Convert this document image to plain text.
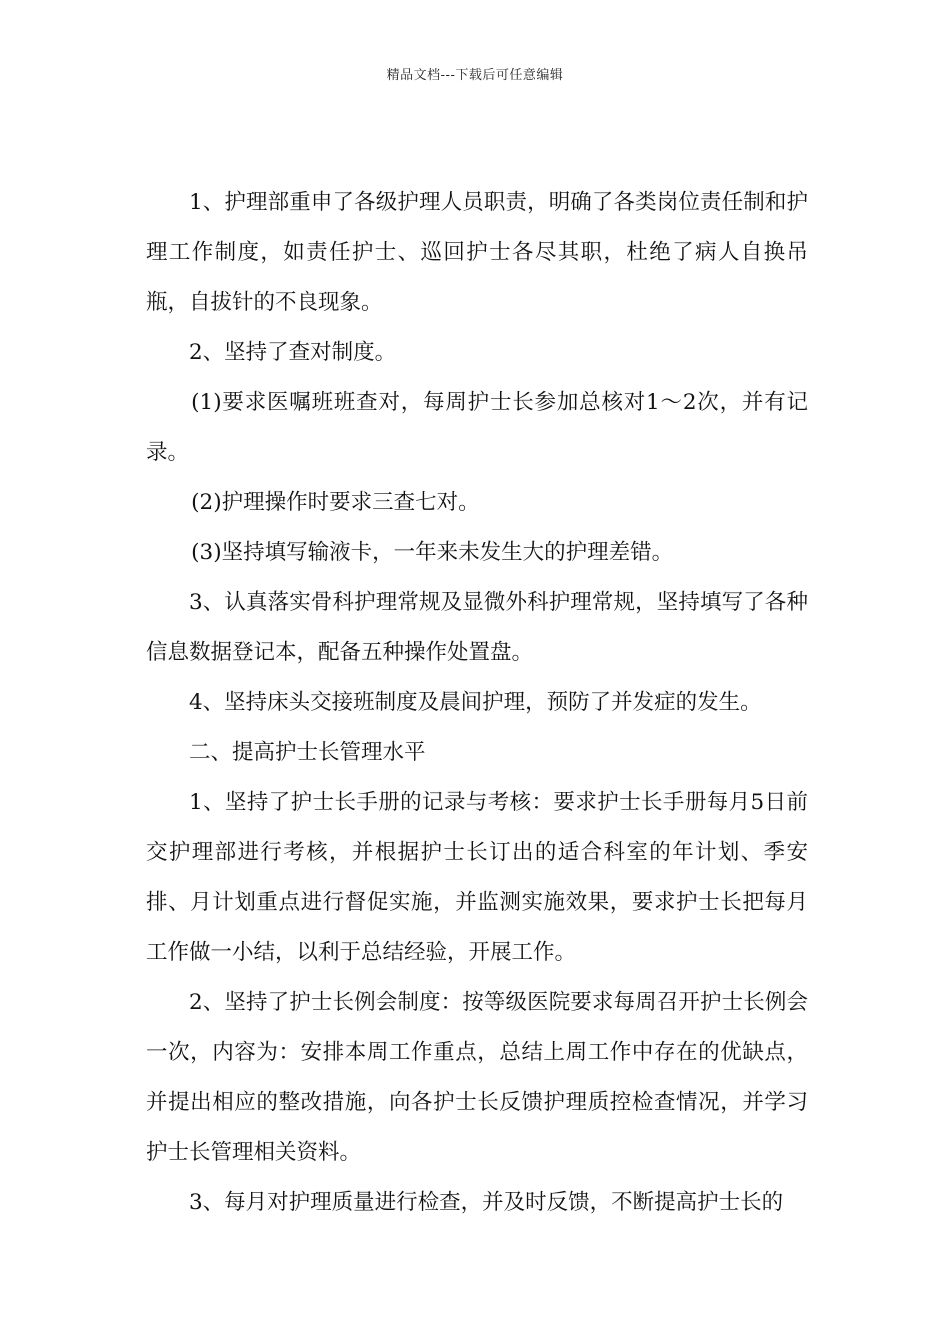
精品文档---下载后可任意编辑

1、护理部重申了各级护理人员职责，明确了各类岗位责任制和护理工作制度，如责任护士、巡回护士各尽其职，杜绝了病人自换吊瓶，自拔针的不良现象。

2、坚持了查对制度。

(1)要求医嘱班班查对，每周护士长参加总核对1～2次，并有记录。

(2)护理操作时要求三查七对。

(3)坚持填写输液卡，一年来未发生大的护理差错。

3、认真落实骨科护理常规及显微外科护理常规，坚持填写了各种信息数据登记本，配备五种操作处置盘。

4、坚持床头交接班制度及晨间护理，预防了并发症的发生。

二、提高护士长管理水平

1、坚持了护士长手册的记录与考核：要求护士长手册每月5日前交护理部进行考核，并根据护士长订出的适合科室的年计划、季安排、月计划重点进行督促实施，并监测实施效果，要求护士长把每月工作做一小结，以利于总结经验，开展工作。

2、坚持了护士长例会制度：按等级医院要求每周召开护士长例会一次，内容为：安排本周工作重点，总结上周工作中存在的优缺点，并提出相应的整改措施，向各护士长反馈护理质控检查情况，并学习护士长管理相关资料。

3、每月对护理质量进行检查，并及时反馈，不断提高护士长的
